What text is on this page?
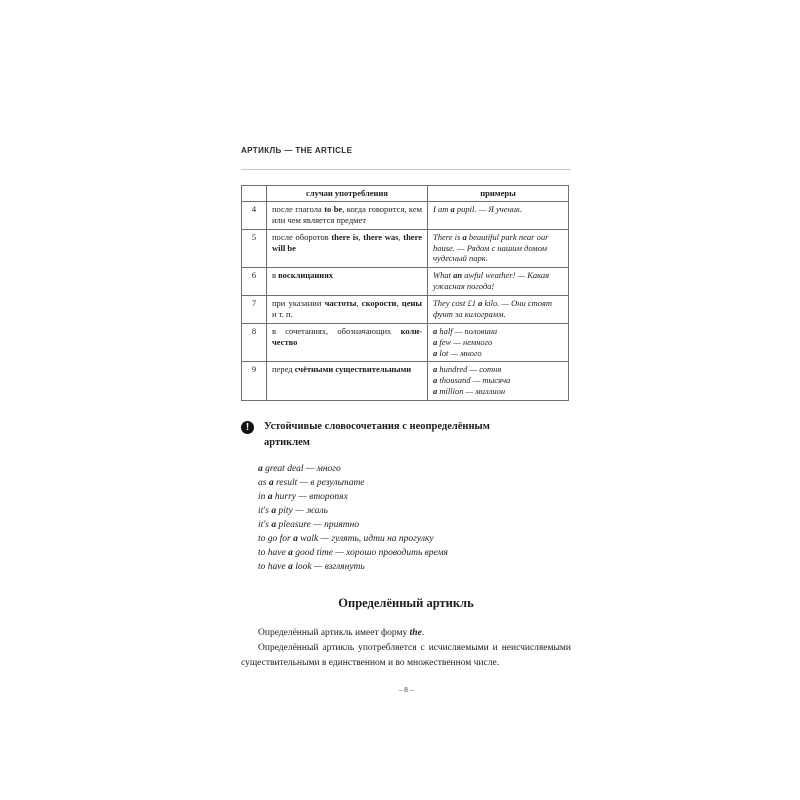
АРТИКЛЬ — THE ARTICLE
	случаи употребления	примеры
4	после глагола to be, когда говорится, кем или чем является предмет	I am a pupil. — Я ученик.

5	после оборотов there is, there was, there will be	There is a beautiful park near our house. — Рядом с нашим домом чудесный парк.

6	в восклицаниях	What an awful weather! — Какая ужасная погода!

7	при указании частоты, скорости, цены и т. п.	They cost £1 a kilo. — Они стоят фунт за килограмм.

8	в сочетаниях, обозначающих количество	a half — половина
a few — немного
a lot — много

9	перед счётными существительными	a hundred — сотня
a thousand — тысяча
a million — миллион
!	Устойчивые словосочетания с неопределённым артиклем
a great deal — много
as a result — в результате
in a hurry — второпях
it's a pity — жаль
it's a pleasure — приятно
to go for a walk — гулять, идти на прогулку
to have a good time — хорошо проводить время
to have a look — взглянуть
Определённый артикль

Определённый артикль имеет форму the.

Определённый артикль употребляется с исчисляемыми и неисчисляемыми существительными в единственном и во множественном числе.

– 8 –
